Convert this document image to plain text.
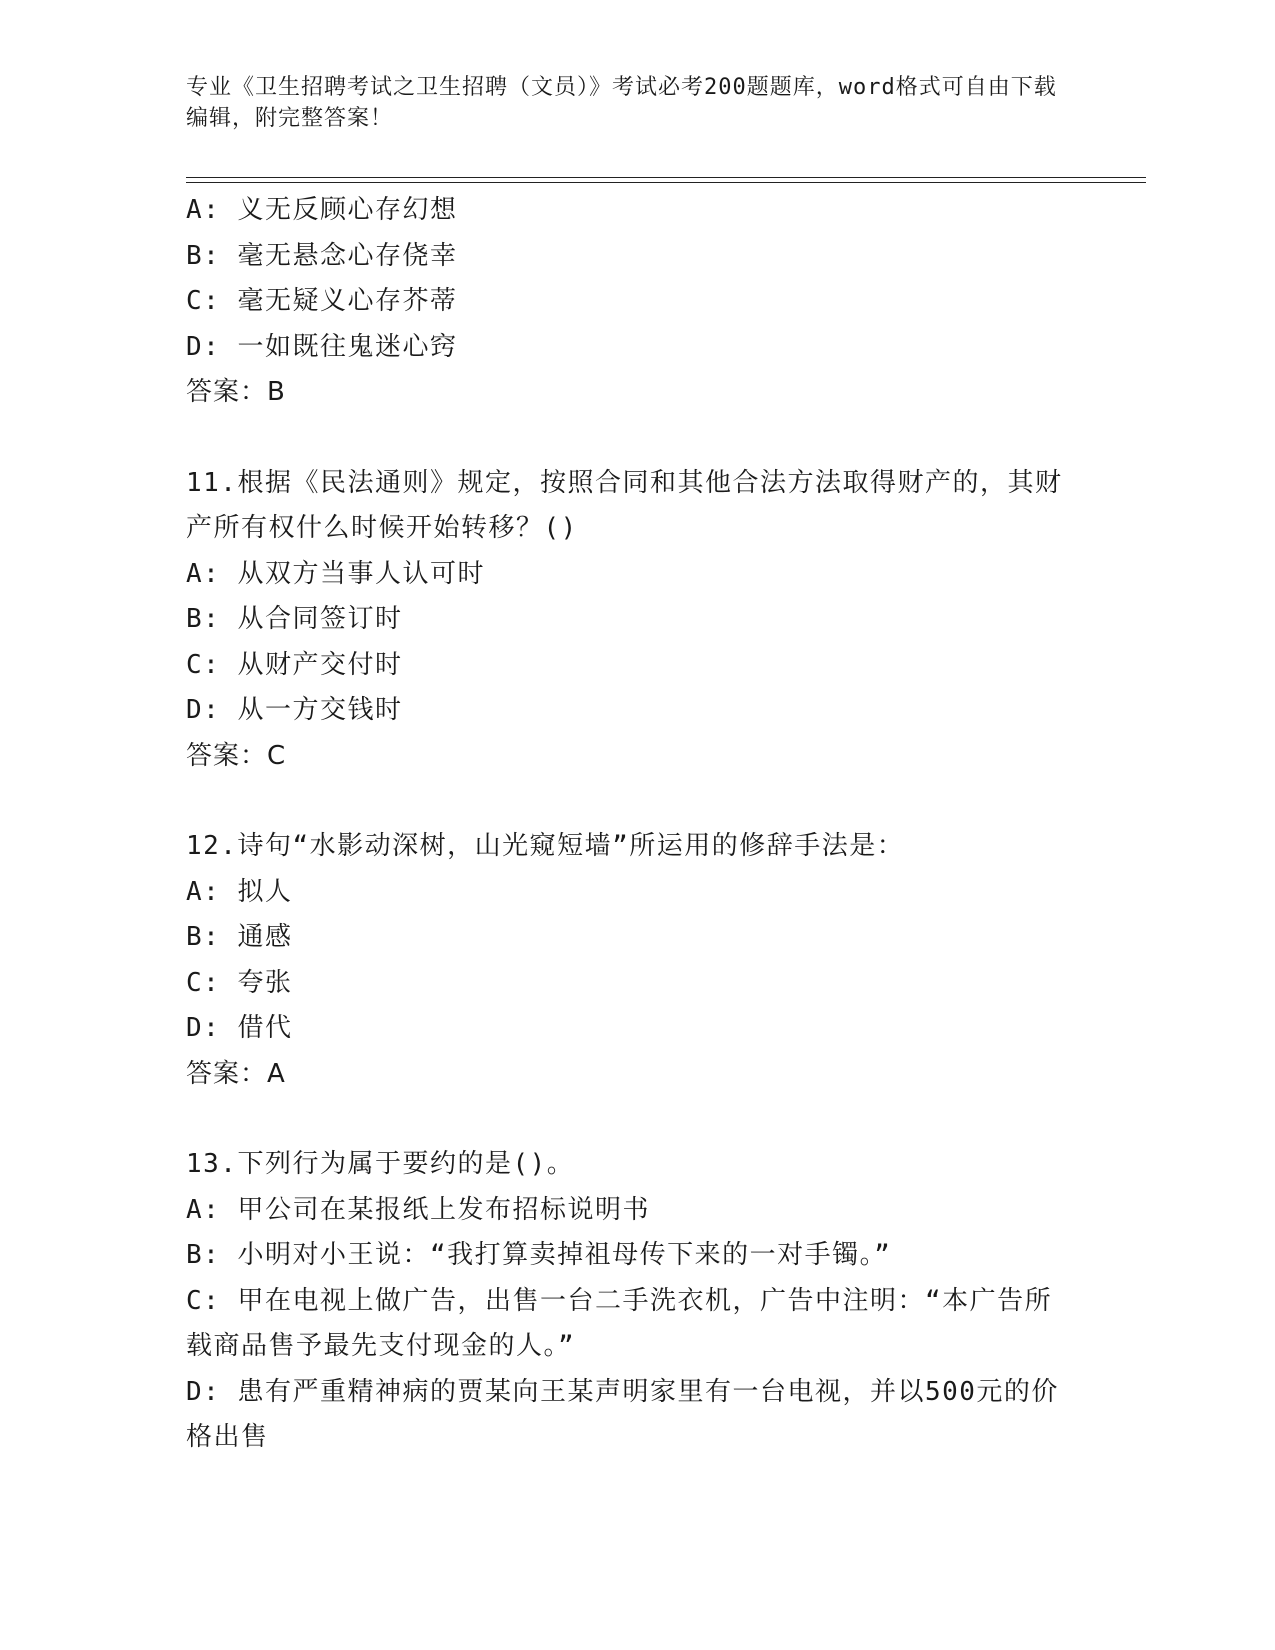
专业《卫生招聘考试之卫生招聘（文员）》考试必考200题题库，word格式可自由下载编辑，附完整答案！
A: 义无反顾心存幻想
B: 毫无悬念心存侥幸
C: 毫无疑义心存芥蒂
D: 一如既往鬼迷心窍
答案：B
11.根据《民法通则》规定，按照合同和其他合法方法取得财产的，其财产所有权什么时候开始转移？()
A: 从双方当事人认可时
B: 从合同签订时
C: 从财产交付时
D: 从一方交钱时
答案：C
12.诗句“水影动深树，山光窥短墙”所运用的修辞手法是：
A: 拟人
B: 通感
C: 夸张
D: 借代
答案：A
13.下列行为属于要约的是()。
A: 甲公司在某报纸上发布招标说明书
B: 小明对小王说：“我打算卖掉祖母传下来的一对手镯。”
C: 甲在电视上做广告，出售一台二手洗衣机，广告中注明：“本广告所载商品售予最先支付现金的人。”
D: 患有严重精神病的贾某向王某声明家里有一台电视，并以500元的价格出售
